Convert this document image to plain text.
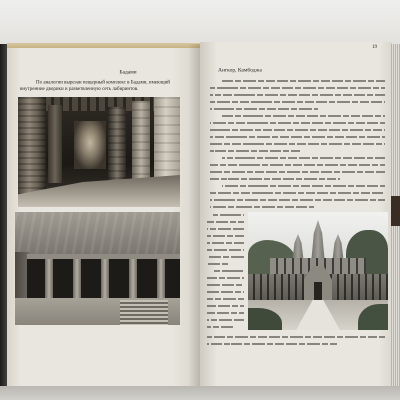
Бадами

По аналогии вырезан пещерный комплекс в Бадами, имеющий внутренние дворики и разветвленную сеть лабиринтов.

19
Ангкор, Камбоджа
